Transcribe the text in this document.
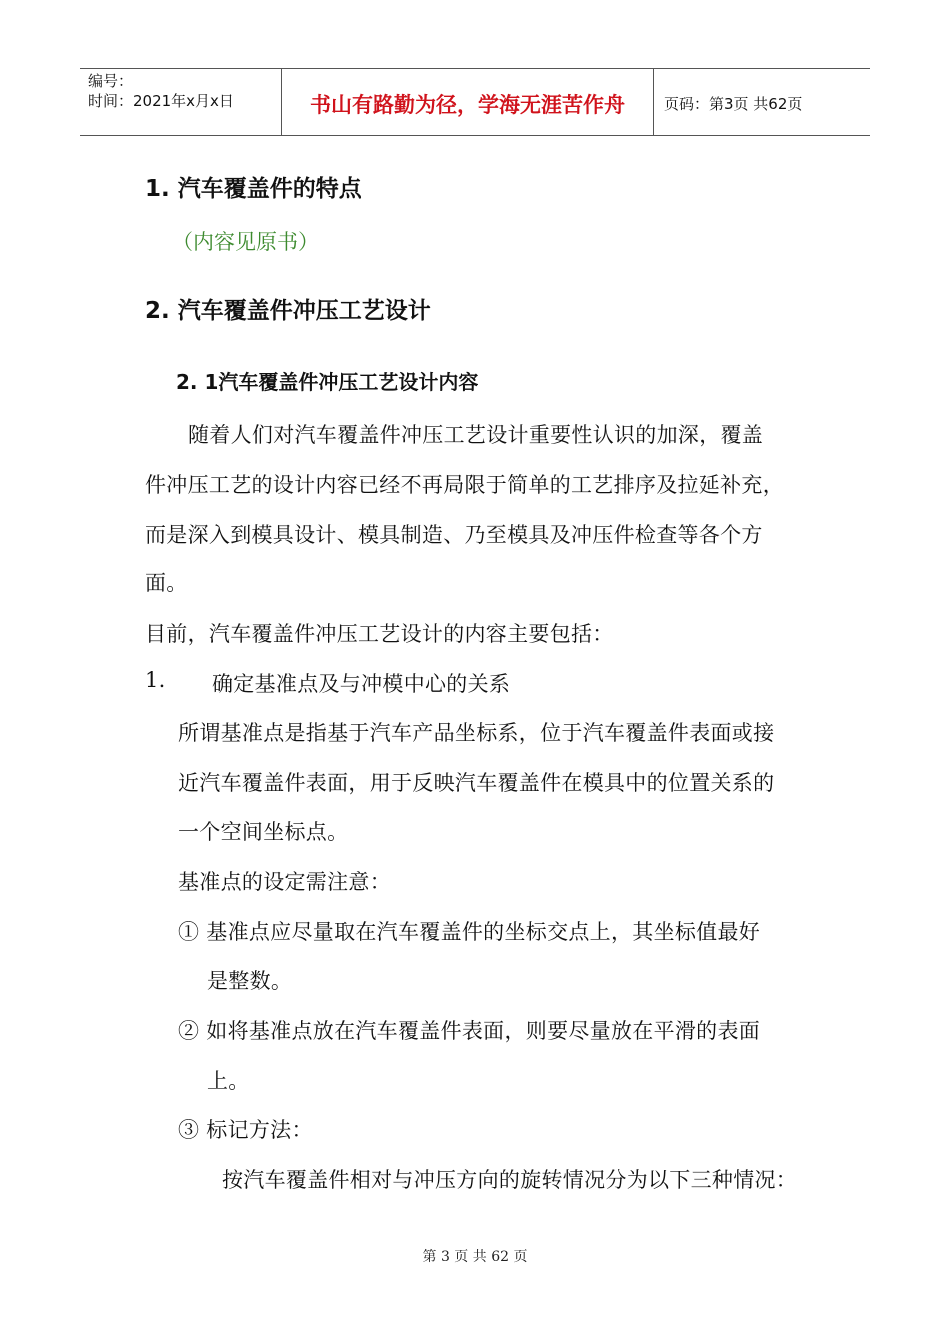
编号：
时间：2021年x月x日	书山有路勤为径，学海无涯苦作舟	页码：第3页 共62页
1. 汽车覆盖件的特点
（内容见原书）
2. 汽车覆盖件冲压工艺设计
2. 1汽车覆盖件冲压工艺设计内容
随着人们对汽车覆盖件冲压工艺设计重要性认识的加深，覆盖
件冲压工艺的设计内容已经不再局限于简单的工艺排序及拉延补充，
而是深入到模具设计、模具制造、乃至模具及冲压件检查等各个方
面。
目前，汽车覆盖件冲压工艺设计的内容主要包括：
1. 确定基准点及与冲模中心的关系
所谓基准点是指基于汽车产品坐标系，位于汽车覆盖件表面或接
近汽车覆盖件表面，用于反映汽车覆盖件在模具中的位置关系的
一个空间坐标点。
基准点的设定需注意：
① 基准点应尽量取在汽车覆盖件的坐标交点上，其坐标值最好
是整数。
② 如将基准点放在汽车覆盖件表面，则要尽量放在平滑的表面
上。
③ 标记方法：
按汽车覆盖件相对与冲压方向的旋转情况分为以下三种情况：
第 3 页 共 62 页
